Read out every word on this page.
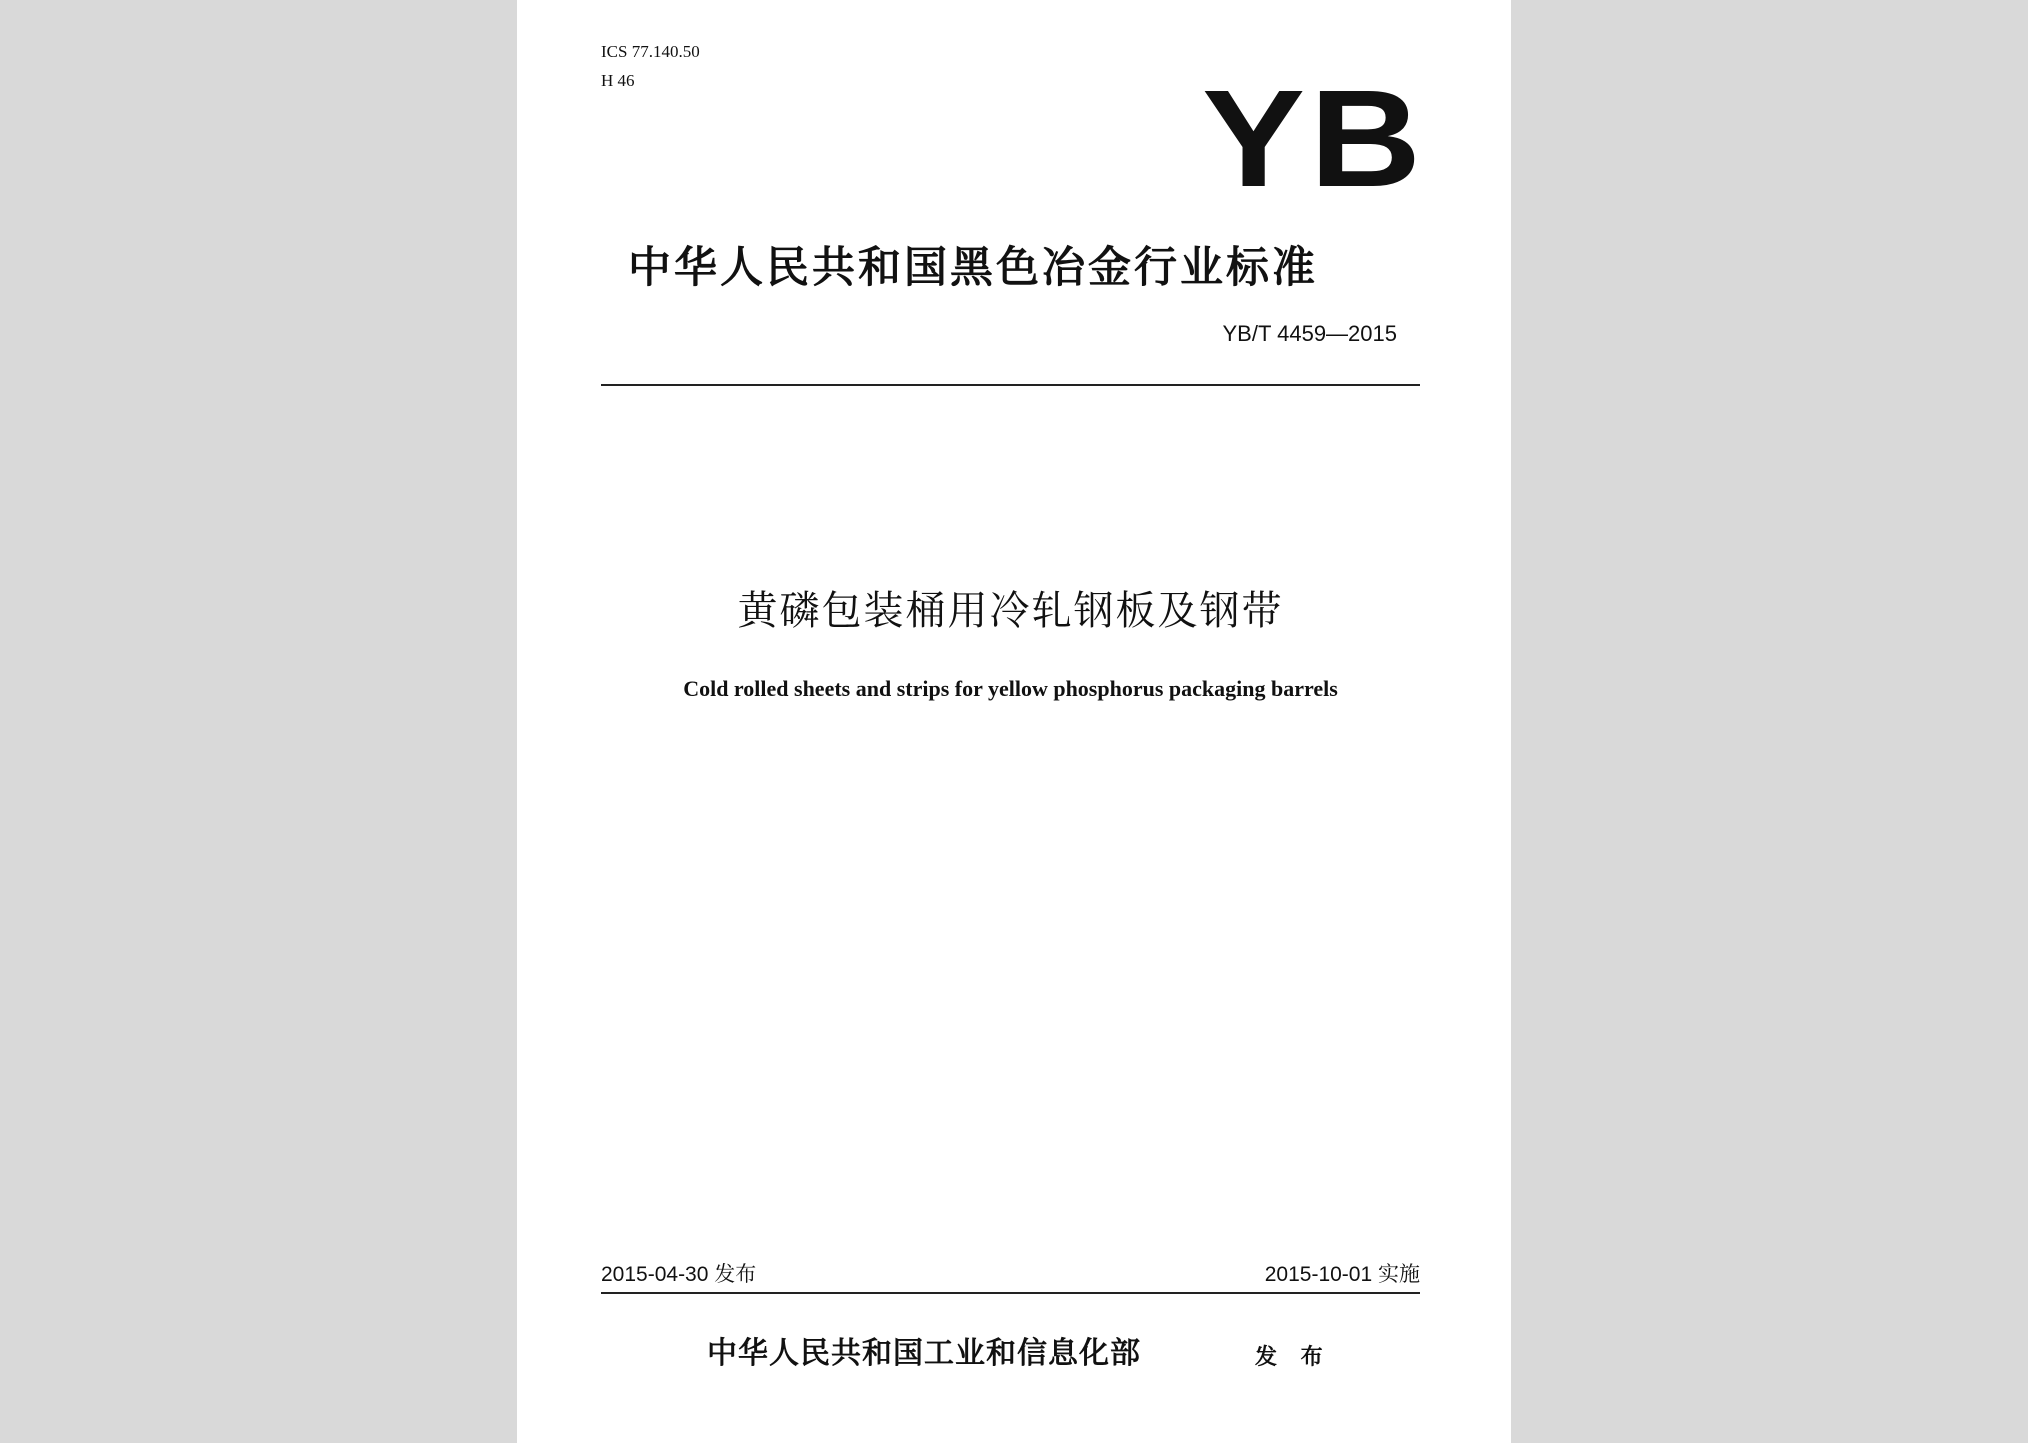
ICS 77.140.50
H 46	YB
中华人民共和国黑色冶金行业标准
YB/T 4459—2015
黄磷包装桶用冷轧钢板及钢带
Cold rolled sheets and strips for yellow phosphorus packaging barrels
2015-04-30 发布	2015-10-01 实施
中华人民共和国工业和信息化部	发 布
